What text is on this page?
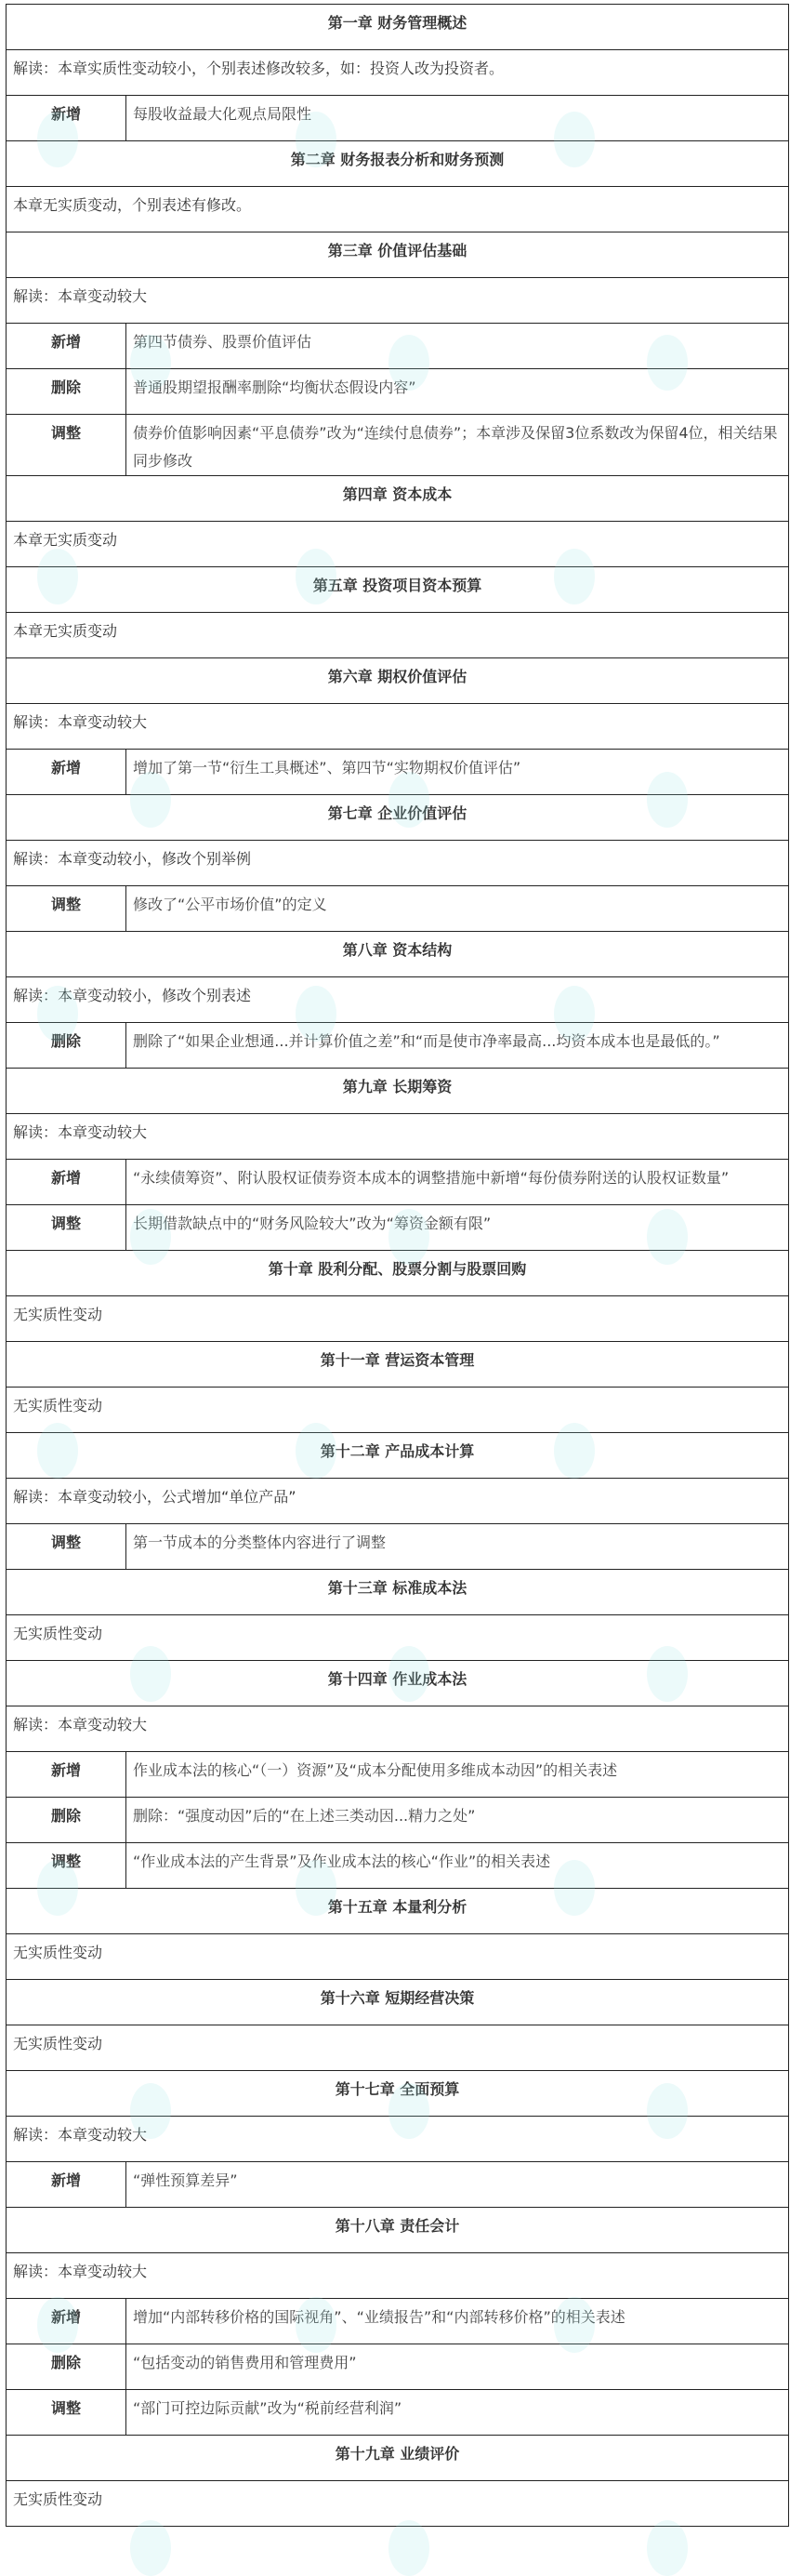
第一章 财务管理概述	
解读：本章实质性变动较小，个别表述修改较多，如：投资人改为投资者。	
新增	每股收益最大化观点局限性
第二章 财务报表分析和财务预测	
本章无实质变动，个别表述有修改。	
第三章 价值评估基础	
解读：本章变动较大	
新增	第四节债券、股票价值评估
删除	普通股期望报酬率删除“均衡状态假设内容”
调整	债券价值影响因素“平息债券”改为“连续付息债券”；本章涉及保留3位系数改为保留4位，相关结果同步修改
第四章 资本成本	
本章无实质变动	
第五章 投资项目资本预算	
本章无实质变动	
第六章 期权价值评估	
解读：本章变动较大	
新增	增加了第一节“衍生工具概述”、第四节“实物期权价值评估”
第七章 企业价值评估	
解读：本章变动较小，修改个别举例	
调整	修改了“公平市场价值”的定义
第八章 资本结构	
解读：本章变动较小，修改个别表述	
删除	删除了“如果企业想通...并计算价值之差”和“而是使市净率最高...均资本成本也是最低的。”
第九章 长期筹资	
解读：本章变动较大	
新增	“永续债筹资”、附认股权证债券资本成本的调整措施中新增“每份债券附送的认股权证数量”
调整	长期借款缺点中的“财务风险较大”改为“筹资金额有限”
第十章 股利分配、股票分割与股票回购	
无实质性变动	
第十一章 营运资本管理	
无实质性变动	
第十二章 产品成本计算	
解读：本章变动较小，公式增加“单位产品”	
调整	第一节成本的分类整体内容进行了调整
第十三章 标准成本法	
无实质性变动	
第十四章 作业成本法	
解读：本章变动较大	
新增	作业成本法的核心“（一）资源”及“成本分配使用多维成本动因”的相关表述
删除	删除：“强度动因”后的“在上述三类动因...精力之处”
调整	“作业成本法的产生背景”及作业成本法的核心“作业”的相关表述
第十五章 本量利分析	
无实质性变动	
第十六章 短期经营决策	
无实质性变动	
第十七章 全面预算	
解读：本章变动较大	
新增	“弹性预算差异”
第十八章 责任会计	
解读：本章变动较大	
新增	增加“内部转移价格的国际视角”、“业绩报告”和“内部转移价格”的相关表述
删除	“包括变动的销售费用和管理费用”
调整	“部门可控边际贡献”改为“税前经营利润”
第十九章 业绩评价	
无实质性变动	
